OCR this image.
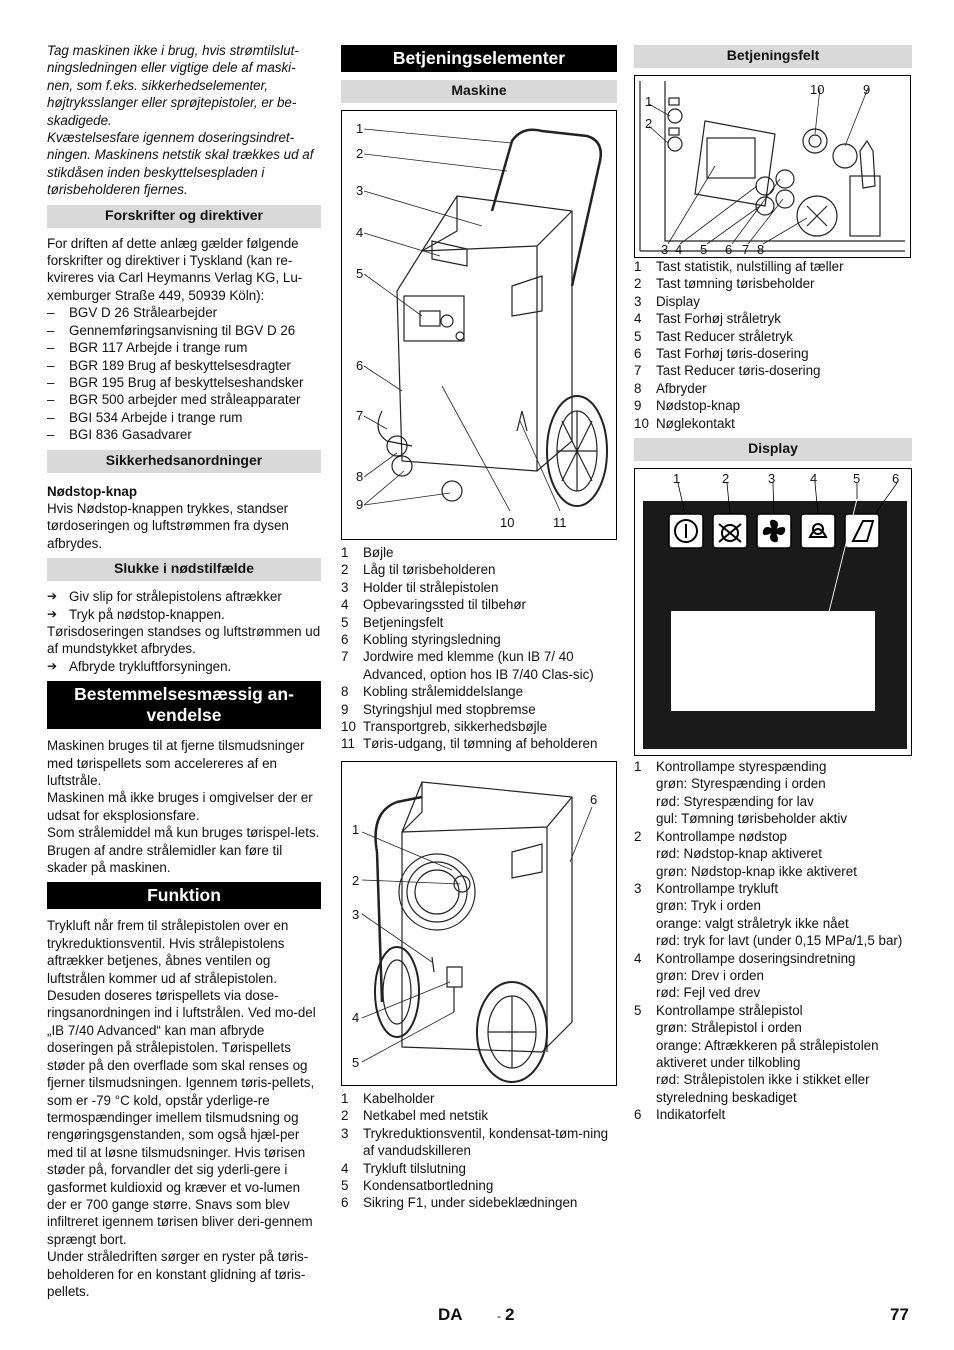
Tag maskinen ikke i brug, hvis strømtilslut-ningsledningen eller vigtige dele af maski-nen, som f.eks. sikkerhedselementer, højtryksslanger eller sprøjtepistoler, er be-skadigede.

Kvæstelsesfare igennem doseringsindret-ningen. Maskinens netstik skal trækkes ud af stikdåsen inden beskyttelsespladen i tørisbeholderen fjernes.

Forskrifter og direktiver

For driften af dette anlæg gælder følgende forskrifter og direktiver i Tyskland (kan re-kvireres via Carl Heymanns Verlag KG, Lu-xemburger Straße 449, 50939 Köln):

– BGV D 26 Strålearbejder
– Gennemføringsanvisning til BGV D 26
– BGR 117 Arbejde i trange rum
– BGR 189 Brug af beskyttelsesdragter
– BGR 195 Brug af beskyttelseshandsker
– BGR 500 arbejder med stråleapparater
– BGI 534 Arbejde i trange rum
– BGI 836 Gasadvarer
Sikkerhedsanordninger

Nødstop-knap

Hvis Nødstop-knappen trykkes, standser tørdoseringen og luftstrømmen fra dysen afbrydes.

Slukke i nødstilfælde
➔ Giv slip for strålepistolens aftrækker
➔ Tryk på nødstop-knappen.

Tørisdoseringen standses og luftstrømmen ud af mundstykket afbrydes.

➔ Afbryde trykluftforsyningen.
Bestemmelsesmæssig an-vendelse

Maskinen bruges til at fjerne tilsmudsninger med tørispellets som accelereres af en luftstråle.

Maskinen må ikke bruges i omgivelser der er udsat for eksplosionsfare.

Som strålemiddel må kun bruges tørispel-lets. Brugen af andre strålemidler kan føre til skader på maskinen.

Funktion

Trykluft når frem til strålepistolen over en trykreduktionsventil. Hvis strålepistolens aftrækker betjenes, åbnes ventilen og luftstrålen kommer ud af strålepistolen. Desuden doseres tørispellets via dose-ringsanordningen ind i luftstrålen. Ved mo-del „IB 7/40 Advanced“ kan man afbryde doseringen på strålepistolen. Tørispellets støder på den overflade som skal renses og fjerner tilsmudsningen. Igennem tøris-pellets, som er -79 °C kold, opstår yderlige-re termospændinger imellem tilsmudsning og rengøringsgenstanden, som også hjæl-per med til at løsne tilsmudsninger. Hvis tørisen støder på, forvandler det sig yderli-gere i gasformet kuldioxid og kræver et vo-lumen der er 700 gange større. Snavs som blev infiltreret igennem tørisen bliver deri-gennem sprængt bort.

Under stråledriften sørger en ryster på tøris-beholderen for en konstant glidning af tøris-pellets.

Betjeningselementer
Maskine
1
2
3
4
5
6
7
8
9
10	11
1	Bøjle
2	Låg til tørisbeholderen
3	Holder til strålepistolen
4	Opbevaringssted til tilbehør
5	Betjeningsfelt
6	Kobling styringsledning
7	Jordwire med klemme (kun IB 7/ 40 Advanced, option hos IB 7/40 Clas-sic)
8	Kobling strålemiddelslange
9	Styringshjul med stopbremse
10 Transportgreb, sikkerhedsbøjle
11 Tøris-udgang, til tømning af beholderen
1
2
3
4
5
6
1	Kabelholder
2	Netkabel med netstik
3	Trykreduktionsventil, kondensat-tøm-ning af vandudskilleren
4	Trykluft tilslutning
5	Kondensatbortledning
6	Sikring F1, under sidebeklædningen
Betjeningsfelt
1
2
10	9
3 4 5 6 7 8
1	Tast statistik, nulstilling af tæller
2	Tast tømning tørisbeholder
3	Display
4	Tast Forhøj stråletryk
5	Tast Reducer stråletryk
6	Tast Forhøj tøris-dosering
7	Tast Reducer tøris-dosering
8	Afbryder
9	Nødstop-knap
10 Nøglekontakt
Display
1	2	3	4	5 6
1	Kontrollampe styrespænding
grøn: Styrespænding i orden
rød: Styrespænding for lav
gul: Tømning tørisbeholder aktiv
2	Kontrollampe nødstop
rød: Nødstop-knap aktiveret
grøn: Nødstop-knap ikke aktiveret
3	Kontrollampe trykluft
grøn: Tryk i orden
orange: valgt stråletryk ikke nået
rød: tryk for lavt (under 0,15 MPa/1,5 bar)
4	Kontrollampe doseringsindretning
grøn: Drev i orden
rød: Fejl ved drev
5	Kontrollampe strålepistol
grøn: Strålepistol i orden
orange: Aftrækkeren på strålepistolen aktiveret under tilkobling
rød: Strålepistolen ikke i stikket eller styreledning beskadiget
6	Indikatorfelt
DA	- 2	77
